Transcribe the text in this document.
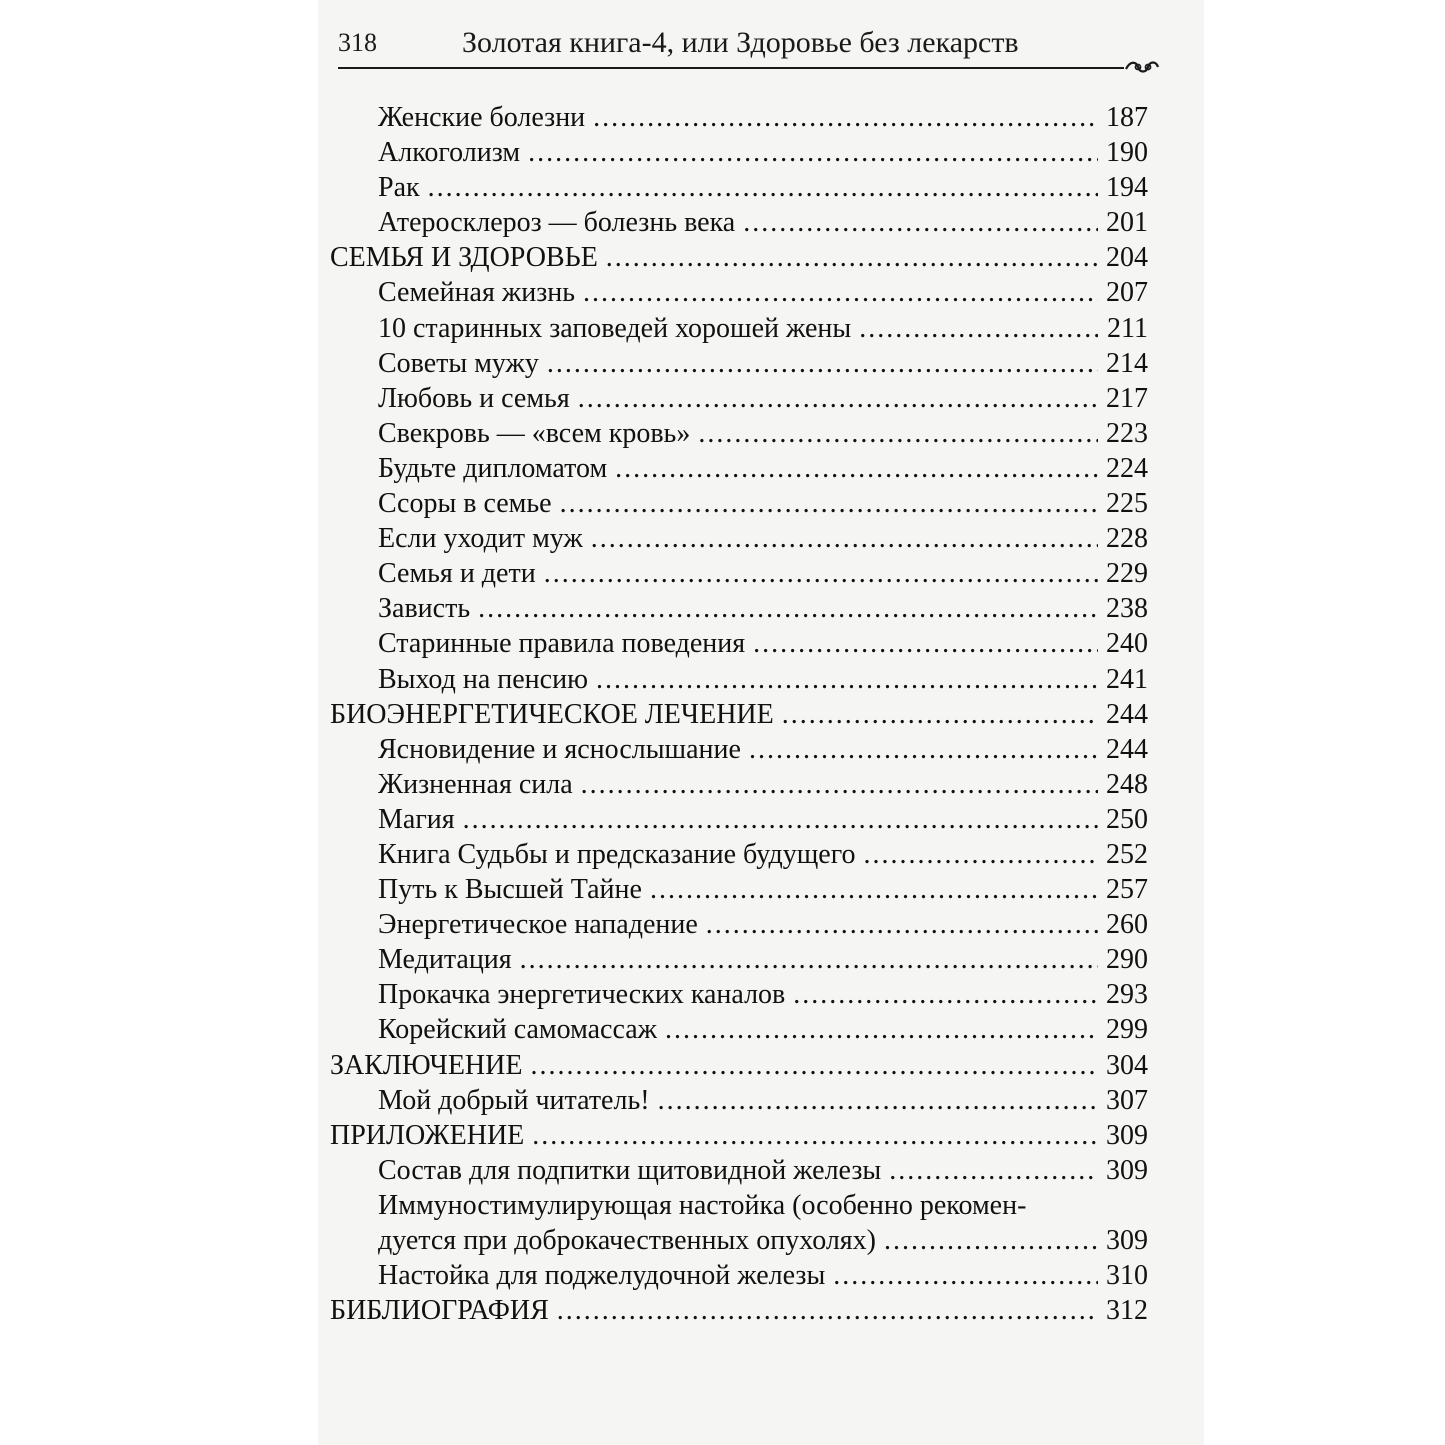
318	Золотая книга-4, или Здоровье без лекарств
Женские болезни .....	187
Алкоголизм .....	190
Рак .....	194
Атеросклероз — болезнь века .....	201
СЕМЬЯ И ЗДОРОВЬЕ .....	204
Семейная жизнь .....	207
10 старинных заповедей хорошей жены .....	211
Советы мужу .....	214
Любовь и семья .....	217
Свекровь — «всем кровь» .....	223
Будьте дипломатом .....	224
Ссоры в семье .....	225
Если уходит муж .....	228
Семья и дети .....	229
Зависть .....	238
Старинные правила поведения .....	240
Выход на пенсию .....	241
БИОЭНЕРГЕТИЧЕСКОЕ ЛЕЧЕНИЕ .....	244
Ясновидение и яснослышание .....	244
Жизненная сила .....	248
Магия .....	250
Книга Судьбы и предсказание будущего .....	252
Путь к Высшей Тайне .....	257
Энергетическое нападение .....	260
Медитация .....	290
Прокачка энергетических каналов .....	293
Корейский самомассаж .....	299
ЗАКЛЮЧЕНИЕ .....	304
Мой добрый читатель! .....	307
ПРИЛОЖЕНИЕ .....	309
Состав для подпитки щитовидной железы .....	309
Иммуностимулирующая настойка (особенно рекомен-
дуется при доброкачественных опухолях) .....	309
Настойка для поджелудочной железы .....	310
БИБЛИОГРАФИЯ .....	312
